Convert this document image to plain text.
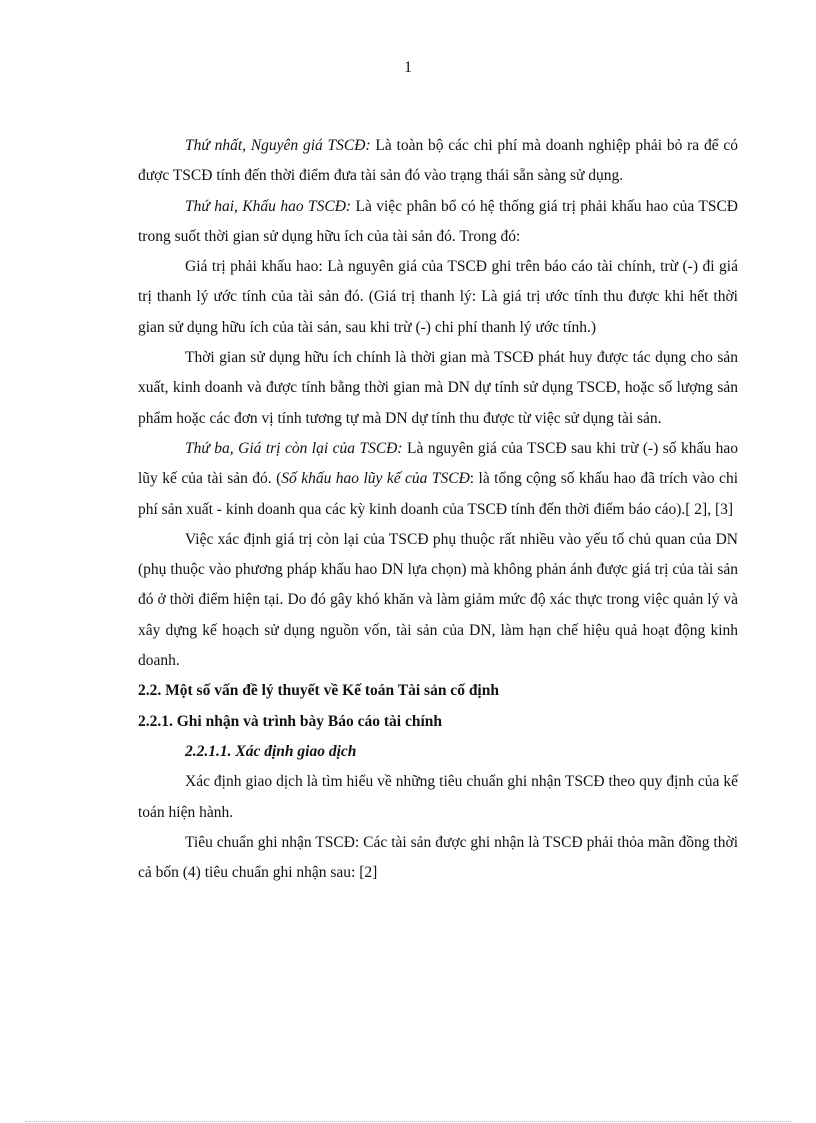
1

Thứ nhất, Nguyên giá TSCĐ: Là toàn bộ các chi phí mà doanh nghiệp phải bỏ ra để có được TSCĐ tính đến thời điểm đưa tài sản đó vào trạng thái sẵn sàng sử dụng.

Thứ hai, Khấu hao TSCĐ: Là việc phân bổ có hệ thống giá trị phải khấu hao của TSCĐ trong suốt thời gian sử dụng hữu ích của tài sản đó. Trong đó:

Giá trị phải khấu hao: Là nguyên giá của TSCĐ ghi trên báo cáo tài chính, trừ (-) đi giá trị thanh lý ước tính của tài sản đó. (Giá trị thanh lý: Là giá trị ước tính thu được khi hết thời gian sử dụng hữu ích của tài sản, sau khi trừ (-) chi phí thanh lý ước tính.)

Thời gian sử dụng hữu ích chính là thời gian mà TSCĐ phát huy được tác dụng cho sản xuất, kinh doanh và được tính bằng thời gian mà DN dự tính sử dụng TSCĐ, hoặc số lượng sản phẩm hoặc các đơn vị tính tương tự mà DN dự tính thu được từ việc sử dụng tài sản.

Thứ ba, Giá trị còn lại của TSCĐ: Là nguyên giá của TSCĐ sau khi trừ (-) số khấu hao lũy kế của tài sản đó. (Số khấu hao lũy kế của TSCĐ: là tổng cộng số khấu hao đã trích vào chi phí sản xuất - kinh doanh qua các kỳ kinh doanh của TSCĐ tính đến thời điểm báo cáo).[ 2], [3]

Việc xác định giá trị còn lại của TSCĐ phụ thuộc rất nhiều vào yếu tố chủ quan của DN (phụ thuộc vào phương pháp khấu hao DN lựa chọn) mà không phản ánh được giá trị của tài sản đó ở thời điểm hiện tại. Do đó gây khó khăn và làm giảm mức độ xác thực trong việc quản lý và xây dựng kế hoạch sử dụng nguồn vốn, tài sản của DN, làm hạn chế hiệu quả hoạt động kinh doanh.

2.2. Một số vấn đề lý thuyết về Kế toán Tài sản cố định

2.2.1. Ghi nhận và trình bày Báo cáo tài chính

2.2.1.1. Xác định giao dịch

Xác định giao dịch là tìm hiểu về những tiêu chuẩn ghi nhận TSCĐ theo quy định của kế toán hiện hành.

Tiêu chuẩn ghi nhận TSCĐ: Các tài sản được ghi nhận là TSCĐ phải thỏa mãn đồng thời cả bốn (4) tiêu chuẩn ghi nhận sau: [2]
